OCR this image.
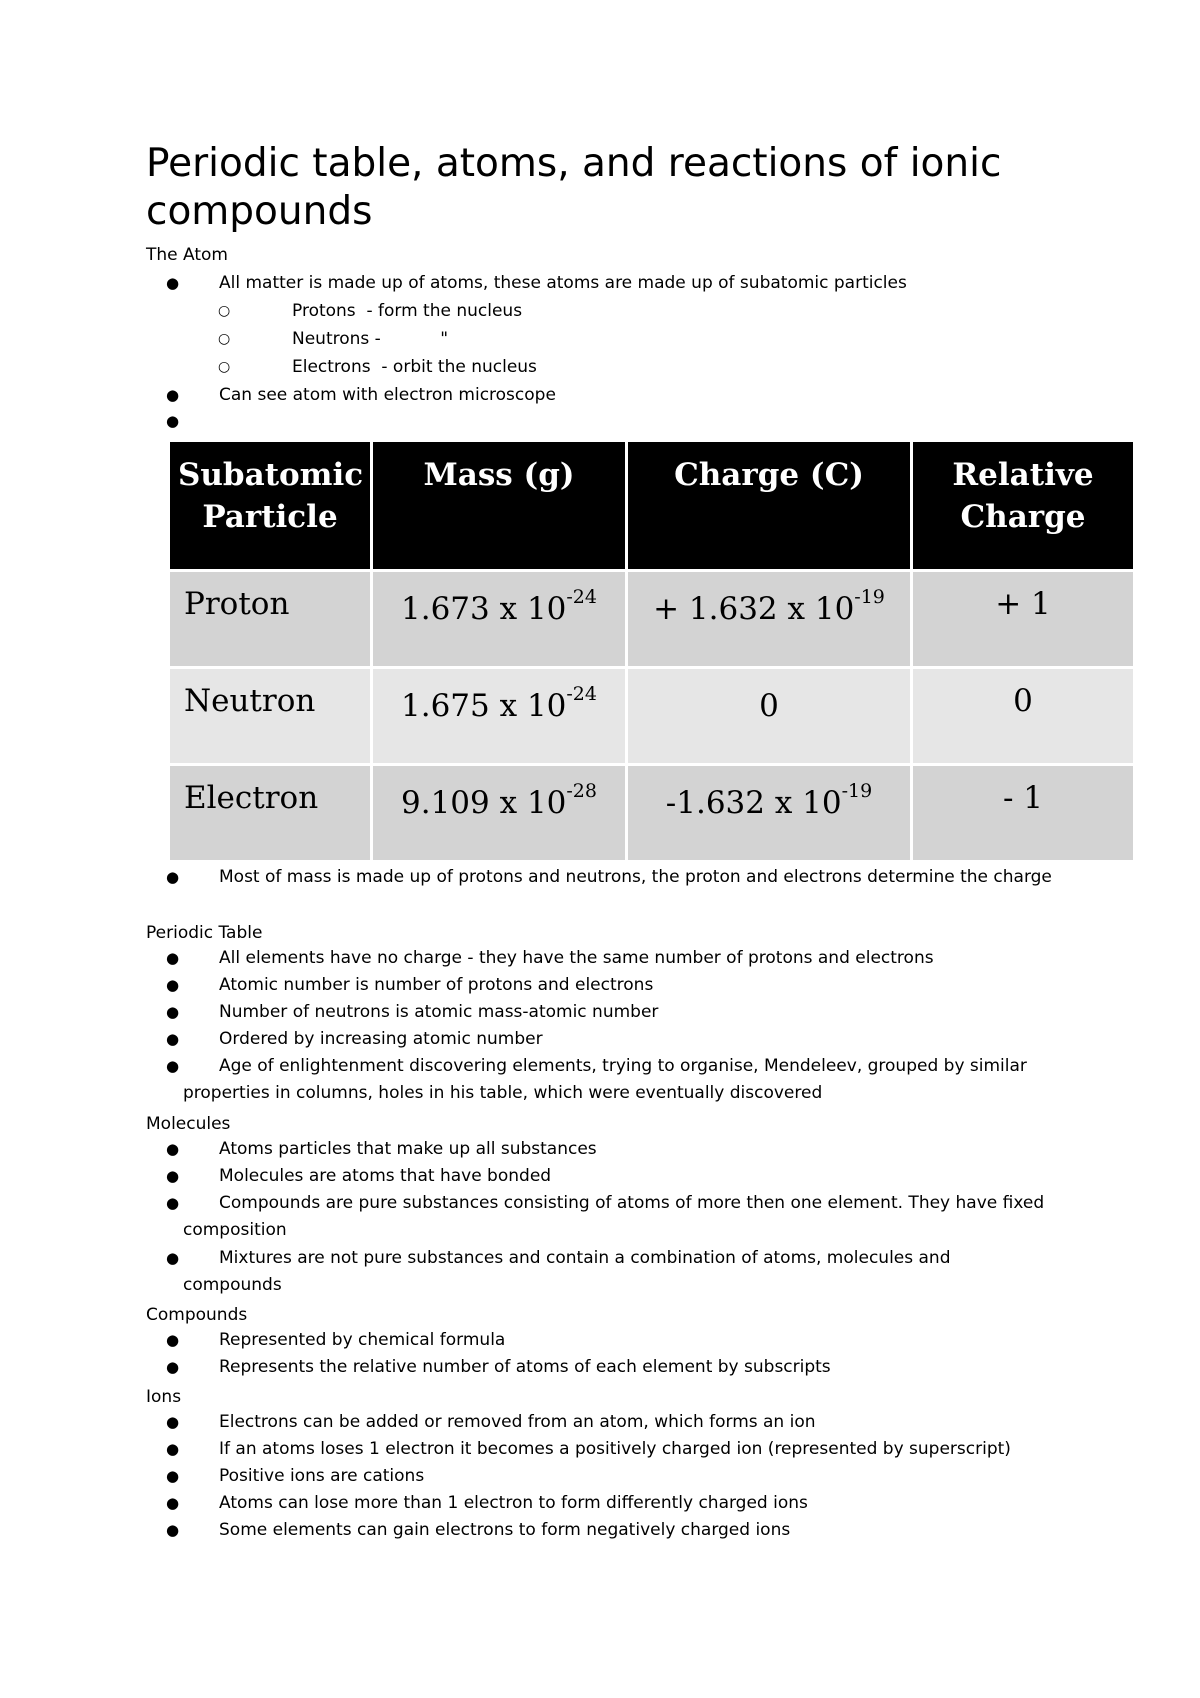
Periodic table, atoms, and reactions of ionic compounds

The Atom

●	All matter is made up of atoms, these atoms are made up of subatomic particles
○	Protons  - form the nucleus
○	Neutrons -           "
○	Electrons  - orbit the nucleus
●	Can see atom with electron microscope
●
Subatomic Particle	Mass (g)	Charge (C)	Relative Charge
Proton	1.673 x $10^{-24}$	+ 1.632 x $10^{-19}$	+ 1
Neutron	1.675 x $10^{-24}$	0	0
Electron	9.109 x $10^{-28}$	-1.632 x $10^{-19}$	- 1
●	Most of mass is made up of protons and neutrons, the proton and electrons determine the charge

Periodic Table

●	All elements have no charge - they have the same number of protons and electrons
●	Atomic number is number of protons and electrons
●	Number of neutrons is atomic mass-atomic number
●	Ordered by increasing atomic number
●	Age of enlightenment discovering elements, trying to organise, Mendeleev, grouped by similar properties in columns, holes in his table, which were eventually discovered

Molecules

●	Atoms particles that make up all substances
●	Molecules are atoms that have bonded
●	Compounds are pure substances consisting of atoms of more then one element. They have fixed composition
●	Mixtures are not pure substances and contain a combination of atoms, molecules and compounds

Compounds

●	Represented by chemical formula
●	Represents the relative number of atoms of each element by subscripts

Ions

●	Electrons can be added or removed from an atom, which forms an ion
●	If an atoms loses 1 electron it becomes a positively charged ion (represented by superscript)
●	Positive ions are cations
●	Atoms can lose more than 1 electron to form differently charged ions
●	Some elements can gain electrons to form negatively charged ions
